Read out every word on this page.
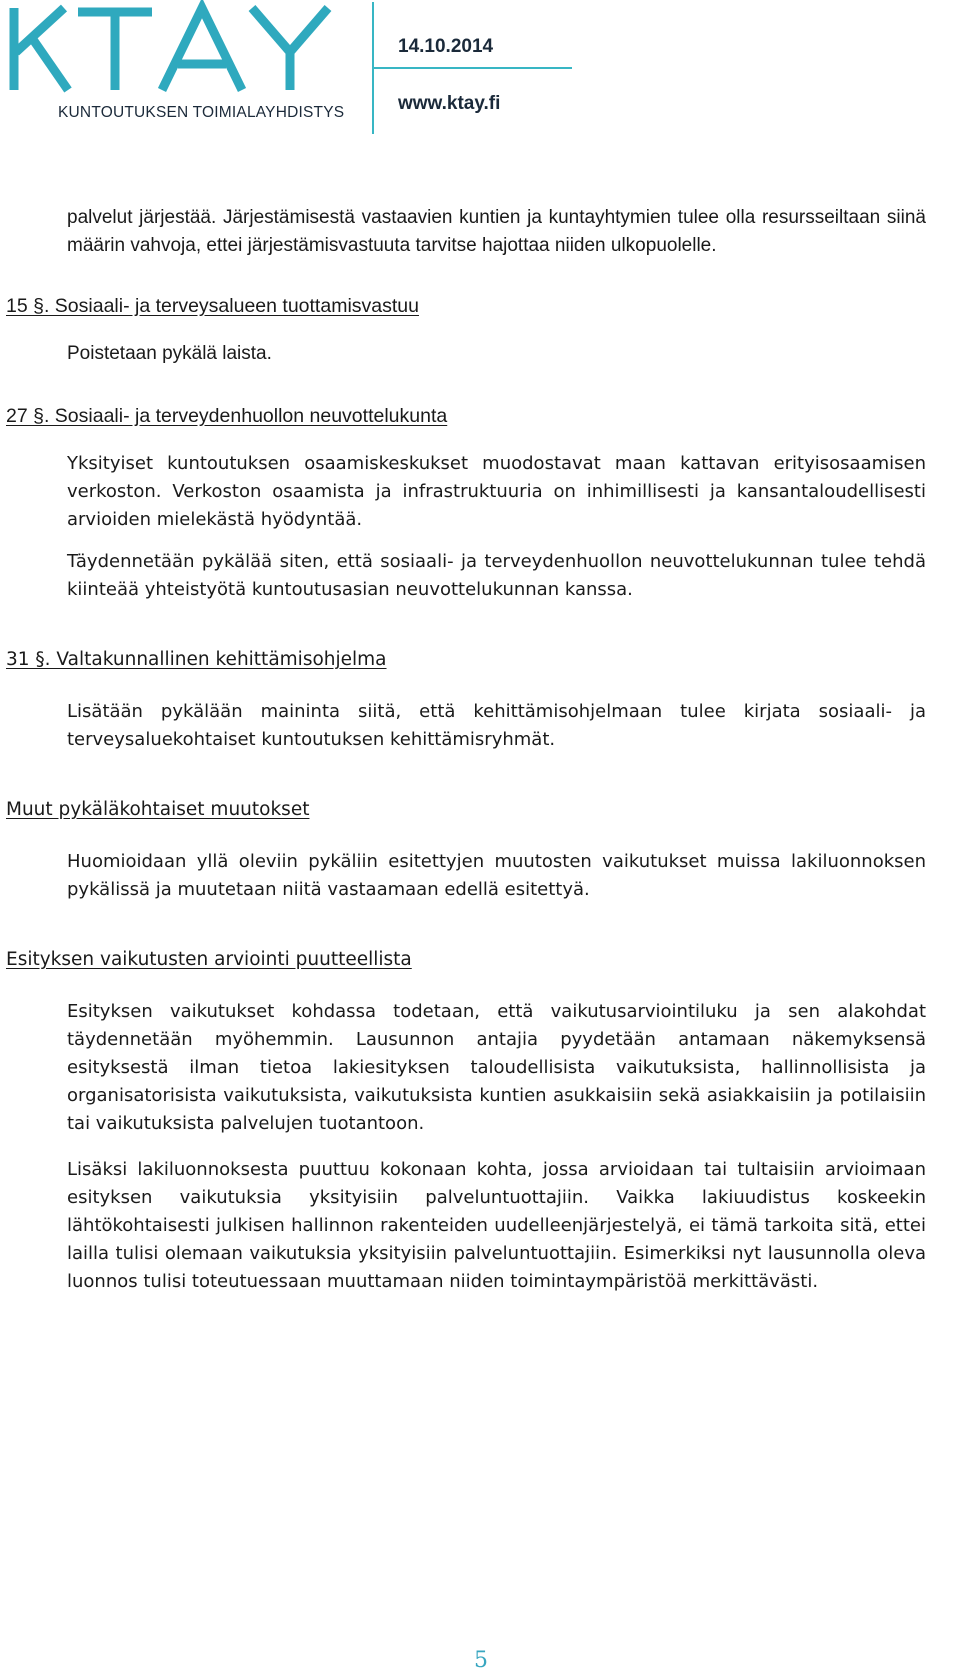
KUNTOUTUKSEN TOIMIALAYHDISTYS
14.10.2014
www.ktay.fi

palvelut järjestää. Järjestämisestä vastaavien kuntien ja kuntayhtymien tulee olla resursseiltaan siinä määrin vahvoja, ettei järjestämisvastuuta tarvitse hajottaa niiden ulkopuolelle.

15 §. Sosiaali- ja terveysalueen tuottamisvastuu

Poistetaan pykälä laista.

27 §. Sosiaali- ja terveydenhuollon neuvottelukunta

Yksityiset kuntoutuksen osaamiskeskukset muodostavat maan kattavan erityisosaamisen verkoston. Verkoston osaamista ja infrastruktuuria on inhimillisesti ja kansantaloudellisesti arvioiden mielekästä hyödyntää.

Täydennetään pykälää siten, että sosiaali- ja terveydenhuollon neuvottelukunnan tulee tehdä kiinteää yhteistyötä kuntoutusasian neuvottelukunnan kanssa.

31 §. Valtakunnallinen kehittämisohjelma

Lisätään pykälään maininta siitä, että kehittämisohjelmaan tulee kirjata sosiaali- ja terveysaluekohtaiset kuntoutuksen kehittämisryhmät.

Muut pykäläkohtaiset muutokset

Huomioidaan yllä oleviin pykäliin esitettyjen muutosten vaikutukset muissa lakiluonnoksen pykälissä ja muutetaan niitä vastaamaan edellä esitettyä.

Esityksen vaikutusten arviointi puutteellista

Esityksen vaikutukset kohdassa todetaan, että vaikutusarviointiluku ja sen alakohdat täydennetään myöhemmin. Lausunnon antajia pyydetään antamaan näkemyksensä esityksestä ilman tietoa lakiesityksen taloudellisista vaikutuksista, hallinnollisista ja organisatorisista vaikutuksista, vaikutuksista kuntien asukkaisiin sekä asiakkaisiin ja potilaisiin tai vaikutuksista palvelujen tuotantoon.

Lisäksi lakiluonnoksesta puuttuu kokonaan kohta, jossa arvioidaan tai tultaisiin arvioimaan esityksen vaikutuksia yksityisiin palveluntuottajiin. Vaikka lakiuudistus koskeekin lähtökohtaisesti julkisen hallinnon rakenteiden uudelleenjärjestelyä, ei tämä tarkoita sitä, ettei lailla tulisi olemaan vaikutuksia yksityisiin palveluntuottajiin. Esimerkiksi nyt lausunnolla oleva luonnos tulisi toteutuessaan muuttamaan niiden toimintaympäristöä merkittävästi.

5
